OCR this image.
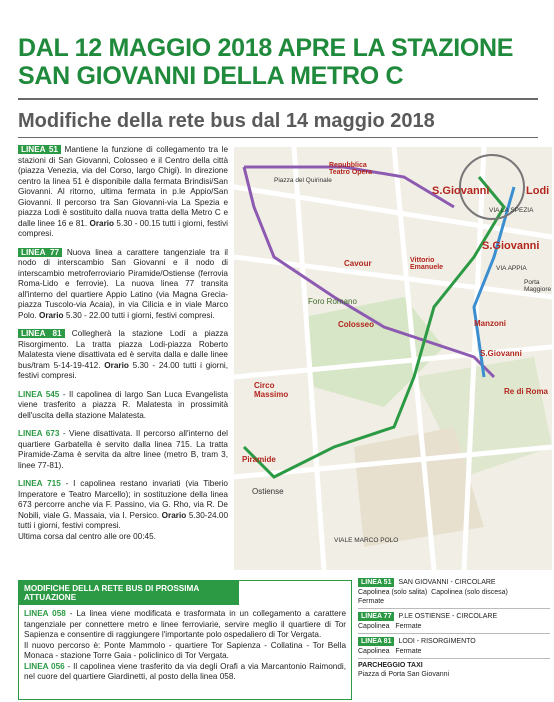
DAL 12 MAGGIO 2018 APRE LA STAZIONE SAN GIOVANNI DELLA METRO C
Modifiche della rete bus dal 14 maggio 2018
LINEA 51 Mantiene la funzione di collegamento tra le stazioni di San Giovanni, Colosseo e il Centro della città (piazza Venezia, via del Corso, largo Chigi). In direzione centro la linea 51 è disponibile dalla fermata Brindisi/San Giovanni. Al ritorno, ultima fermata in p.le Appio/San Giovanni. Il percorso tra San Giovanni-via La Spezia e piazza Lodi è sostituito dalla nuova tratta della Metro C e dalle linee 16 e 81. Orario 5.30 - 00.15 tutti i giorni, festivi compresi.
LINEA 77 Nuova linea a carattere tangenziale tra il nodo di interscambio San Giovanni e il nodo di interscambio metroferroviario Piramide/Ostiense (ferrovia Roma-Lido e ferrovie). La nuova linea 77 transita all'interno del quartiere Appio Latino (via Magna Grecia-piazza Tuscolo-via Acaia), in via Cilicia e in viale Marco Polo. Orario 5.30 - 22.00 tutti i giorni, festivi compresi.
LINEA 81 Collegherà la stazione Lodi a piazza Risorgimento. La tratta piazza Lodi-piazza Roberto Malatesta viene disattivata ed è servita dalla e dalle linee bus/tram 5-14-19-412. Orario 5.30 - 24.00 tutti i giorni, festivi compresi.
LINEA 545 - Il capolinea di largo San Luca Evangelista viene trasferito a piazza R. Malatesta in prossimità dell'uscita della stazione Malatesta.
LINEA 673 - Viene disattivata. Il percorso all'interno del quartiere Garbatella è servito dalla linea 715. La tratta Piramide-Zama è servita da altre linee (metro B, tram 3, linee 77-81).
LINEA 715 - I capolinea restano invariati (via Tiberio Imperatore e Teatro Marcello); in sostituzione della linea 673 percorre anche via F. Passino, via G. Rho, via R. De Nobili, viale G. Massaia, via I. Persico. Orario 5.30-24.00 tutti i giorni, festivi compresi.
Ultima corsa dal centro alle ore 00:45.
Piazza del Quirinale
Repubblica Teatro Opera
S.Giovanni	Lodi
S.Giovanni
Cavour	Vittorio Emanuele
Colosseo	Manzoni
S.Giovanni
Circo Massimo	Re di Roma
Piramide
Foro Romano
Ostiense
VIA LA SPEZIA
VIA APPIA
VIALE MARCO POLO
Porta Maggiore
MODIFICHE DELLA RETE BUS DI PROSSIMA ATTUAZIONE
LINEA 058 - La linea viene modificata e trasformata in un collegamento a carattere tangenziale per connettere metro e linee ferroviarie, servire meglio il quartiere di Tor Sapienza e consentire di raggiungere l'importante polo ospedaliero di Tor Vergata.
Il nuovo percorso è: Ponte Mammolo - quartiere Tor Sapienza - Collatina - Tor Bella Monaca - stazione Torre Gaia - policlinico di Tor Vergata.
LINEA 056 - Il capolinea viene trasferito da via degli Orafi a via Marcantonio Raimondi, nel cuore del quartiere Giardinetti, al posto della linea 058.
LINEA 51	SAN GIOVANNI - CIRCOLARE
Capolinea (solo salita)
Capolinea (solo discesa)
Fermate
LINEA 77	P.LE OSTIENSE - CIRCOLARE
Capolinea
Fermate
LINEA 81	LODI - RISORGIMENTO
Capolinea
Fermate
PARCHEGGIO TAXI
Piazza di Porta San Giovanni
